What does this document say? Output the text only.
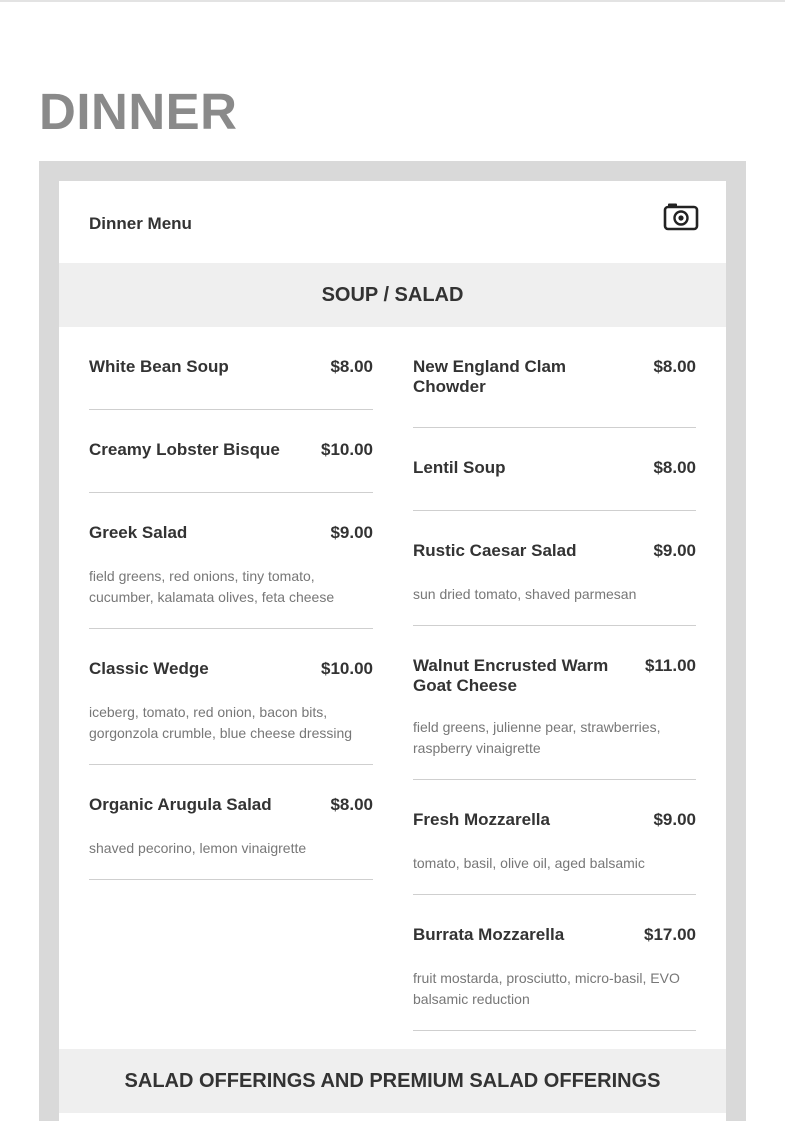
DINNER
Dinner Menu
SOUP / SALAD
White Bean Soup	$8.00
Creamy Lobster Bisque	$10.00
Greek Salad	$9.00
field greens, red onions, tiny tomato, cucumber, kalamata olives, feta cheese
Classic Wedge	$10.00
iceberg, tomato, red onion, bacon bits, gorgonzola crumble, blue cheese dressing
Organic Arugula Salad	$8.00
shaved pecorino, lemon vinaigrette
New England Clam Chowder
$8.00
Lentil Soup	$8.00
Rustic Caesar Salad	$9.00
sun dried tomato, shaved parmesan
Walnut Encrusted Warm Goat Cheese
$11.00
field greens, julienne pear, strawberries, raspberry vinaigrette
Fresh Mozzarella	$9.00
tomato, basil, olive oil, aged balsamic
Burrata Mozzarella	$17.00
fruit mostarda, prosciutto, micro-basil, EVO balsamic reduction
SALAD OFFERINGS AND PREMIUM SALAD OFFERINGS
